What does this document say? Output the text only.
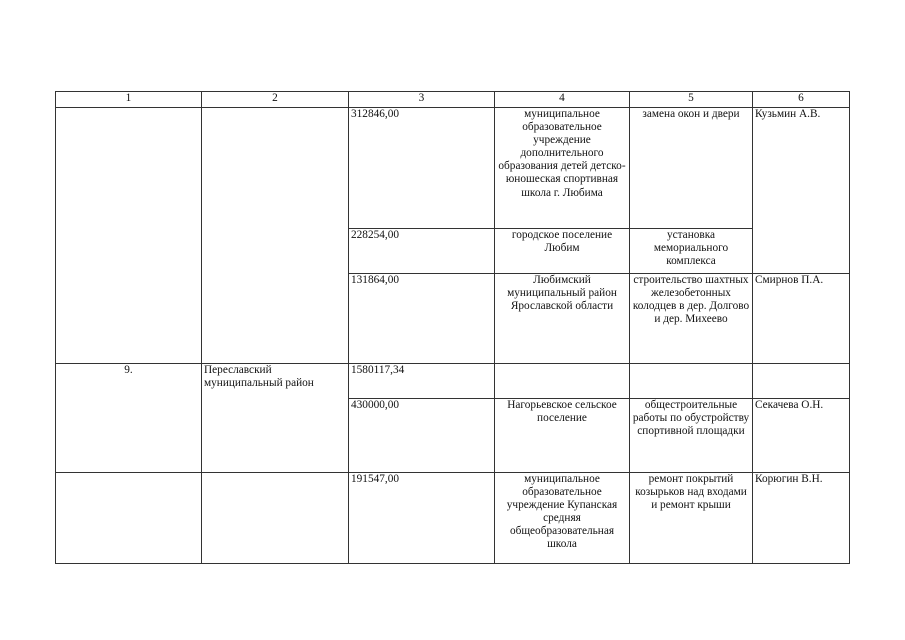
1	2	3	4	5	6
		312846,00	муниципальное образовательное учреждение дополнительного образования детей детско-юношеская спортивная школа г. Любима	замена окон и двери	Кузьмин А.В.
		228254,00	городское поселение Любим	установка мемориального комплекса	
		131864,00	Любимский муниципальный район Ярославской области	строительство шахтных железобетонных колодцев в дер. Долгово и дер. Михеево	Смирнов П.А.
9.	Переславский муниципальный район	1580117,34			
		430000,00	Нагорьевское сельское поселение	общестроительные работы по обустройству спортивной площадки	Секачева О.Н.
		191547,00	муниципальное образовательное учреждение Купанская средняя общеобразовательная школа	ремонт покрытий козырьков над входами и ремонт крыши	Корюгин В.Н.
